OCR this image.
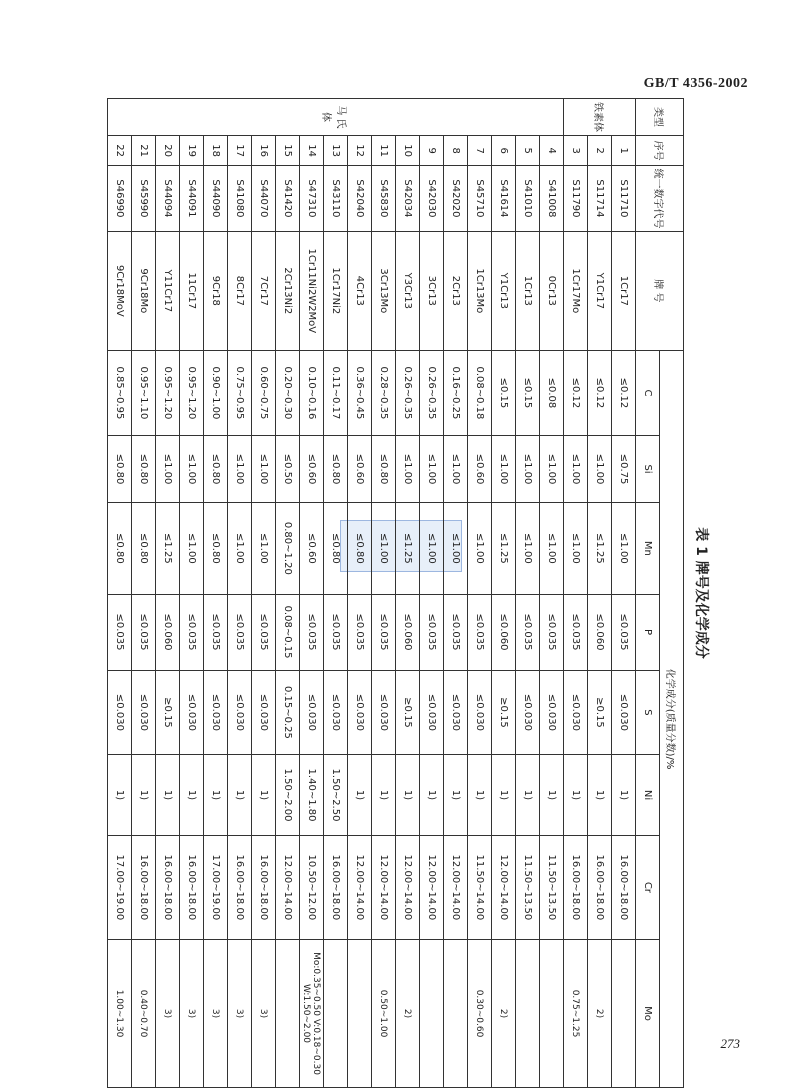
GB/T 4356-2002
表 1 牌号及化学成分
类型	序号	统一数字代号	牌 号	化学成分(质量分数)/%							
				C	Si	Mn	P	S	Ni	Cr	Mo
铁素体	1	S11710	1Cr17	≤0.12	≤0.75	≤1.00	≤0.035	≤0.030	1)	16.00~18.00	
	2	S11714	Y1Cr17	≤0.12	≤1.00	≤1.25	≤0.060	≥0.15	1)	16.00~18.00	2)
	3	S11790	1Cr17Mo	≤0.12	≤1.00	≤1.00	≤0.035	≤0.030	1)	16.00~18.00	0.75~1.25
马 氏 体	4	S41008	0Cr13	≤0.08	≤1.00	≤1.00	≤0.035	≤0.030	1)	11.50~13.50	
	5	S41010	1Cr13	≤0.15	≤1.00	≤1.00	≤0.035	≤0.030	1)	11.50~13.50	
	6	S41614	Y1Cr13	≤0.15	≤1.00	≤1.25	≤0.060	≥0.15	1)	12.00~14.00	2)
	7	S45710	1Cr13Mo	0.08~0.18	≤0.60	≤1.00	≤0.035	≤0.030	1)	11.50~14.00	0.30~0.60
	8	S42020	2Cr13	0.16~0.25	≤1.00	≤1.00	≤0.035	≤0.030	1)	12.00~14.00	
	9	S42030	3Cr13	0.26~0.35	≤1.00	≤1.00	≤0.035	≤0.030	1)	12.00~14.00	
	10	S42034	Y3Cr13	0.26~0.35	≤1.00	≤1.25	≤0.060	≥0.15	1)	12.00~14.00	2)
	11	S45830	3Cr13Mo	0.28~0.35	≤0.80	≤1.00	≤0.035	≤0.030	1)	12.00~14.00	0.50~1.00
	12	S42040	4Cr13	0.36~0.45	≤0.60	≤0.80	≤0.035	≤0.030	1)	12.00~14.00	
	13	S43110	1Cr17Ni2	0.11~0.17	≤0.80	≤0.80	≤0.035	≤0.030	1.50~2.50	16.00~18.00	
	14	S47310	1Cr11Ni2W2MoV	0.10~0.16	≤0.60	≤0.60	≤0.035	≤0.030	1.40~1.80	10.50~12.00	Mo:0.35~0.50 V:0.18~0.30 W:1.50~2.00
	15	S41420	2Cr13Ni2	0.20~0.30	≤0.50	0.80~1.20	0.08~0.15	0.15~0.25	1.50~2.00	12.00~14.00	
	16	S44070	7Cr17	0.60~0.75	≤1.00	≤1.00	≤0.035	≤0.030	1)	16.00~18.00	3)
	17	S41080	8Cr17	0.75~0.95	≤1.00	≤1.00	≤0.035	≤0.030	1)	16.00~18.00	3)
	18	S44090	9Cr18	0.90~1.00	≤0.80	≤0.80	≤0.035	≤0.030	1)	17.00~19.00	3)
	19	S44091	11Cr17	0.95~1.20	≤1.00	≤1.00	≤0.035	≤0.030	1)	16.00~18.00	3)
	20	S44094	Y11Cr17	0.95~1.20	≤1.00	≤1.25	≤0.060	≥0.15	1)	16.00~18.00	3)
	21	S45990	9Cr18Mo	0.95~1.10	≤0.80	≤0.80	≤0.035	≤0.030	1)	16.00~18.00	0.40~0.70
	22	S46990	9Cr18MoV	0.85~0.95	≤0.80	≤0.80	≤0.035	≤0.030	1)	17.00~19.00	1.00~1.30
273
